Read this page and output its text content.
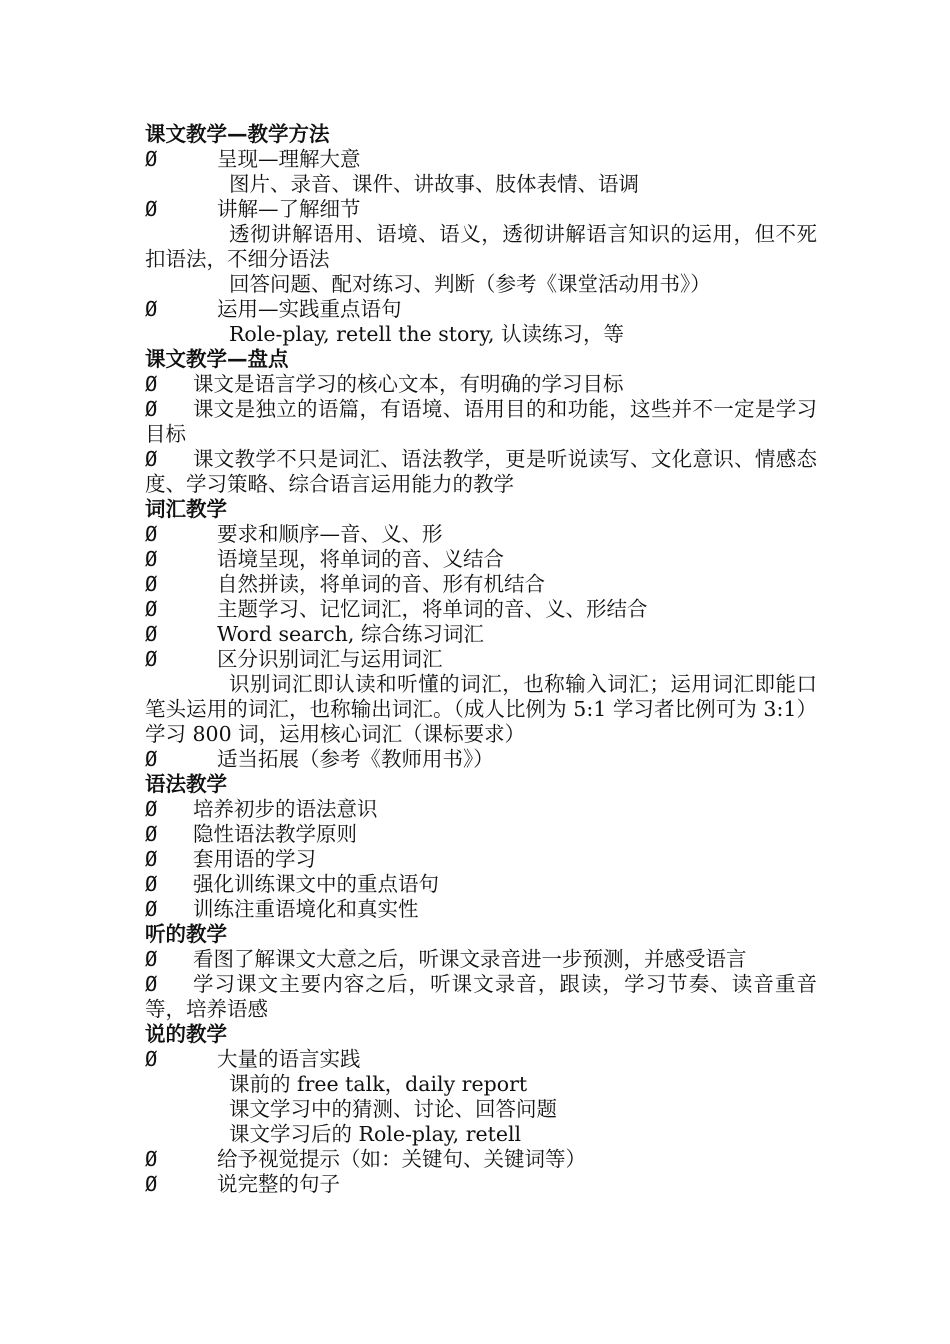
课文教学—教学方法
Ø	呈现—理解大意
图片、录音、课件、讲故事、肢体表情、语调
Ø	讲解—了解细节
透彻讲解语用、语境、语义，透彻讲解语言知识的运用，但不死扣语法，不细分语法
回答问题、配对练习、判断（参考《课堂活动用书》）
Ø	运用—实践重点语句
Role-play, retell the story, 认读练习，等
课文教学—盘点
Ø 课文是语言学习的核心文本，有明确的学习目标
Ø	课文是独立的语篇，有语境、语用目的和功能，这些并不一定是学习目标
Ø	课文教学不只是词汇、语法教学，更是听说读写、文化意识、情感态度、学习策略、综合语言运用能力的教学
词汇教学
Ø	要求和顺序—音、义、形
Ø	语境呈现，将单词的音、义结合
Ø	自然拼读，将单词的音、形有机结合
Ø	主题学习、记忆词汇，将单词的音、义、形结合
Ø	Word search, 综合练习词汇
Ø	区分识别词汇与运用词汇
识别词汇即认读和听懂的词汇，也称输入词汇；运用词汇即能口笔头运用的词汇，也称输出词汇。（成人比例为 5:1 学习者比例可为 3:1） 学习 800 词，运用核心词汇（课标要求）
Ø	适当拓展（参考《教师用书》）
语法教学
Ø 培养初步的语法意识
Ø 隐性语法教学原则
Ø 套用语的学习
Ø 强化训练课文中的重点语句
Ø 训练注重语境化和真实性
听的教学
Ø	看图了解课文大意之后，听课文录音进一步预测，并感受语言
Ø	学习课文主要内容之后，听课文录音，跟读，学习节奏、读音重音等，培养语感
说的教学
Ø	大量的语言实践
课前的 free talk，daily report
课文学习中的猜测、讨论、回答问题
课文学习后的 Role-play, retell
Ø	给予视觉提示（如：关键句、关键词等）
Ø	说完整的句子
